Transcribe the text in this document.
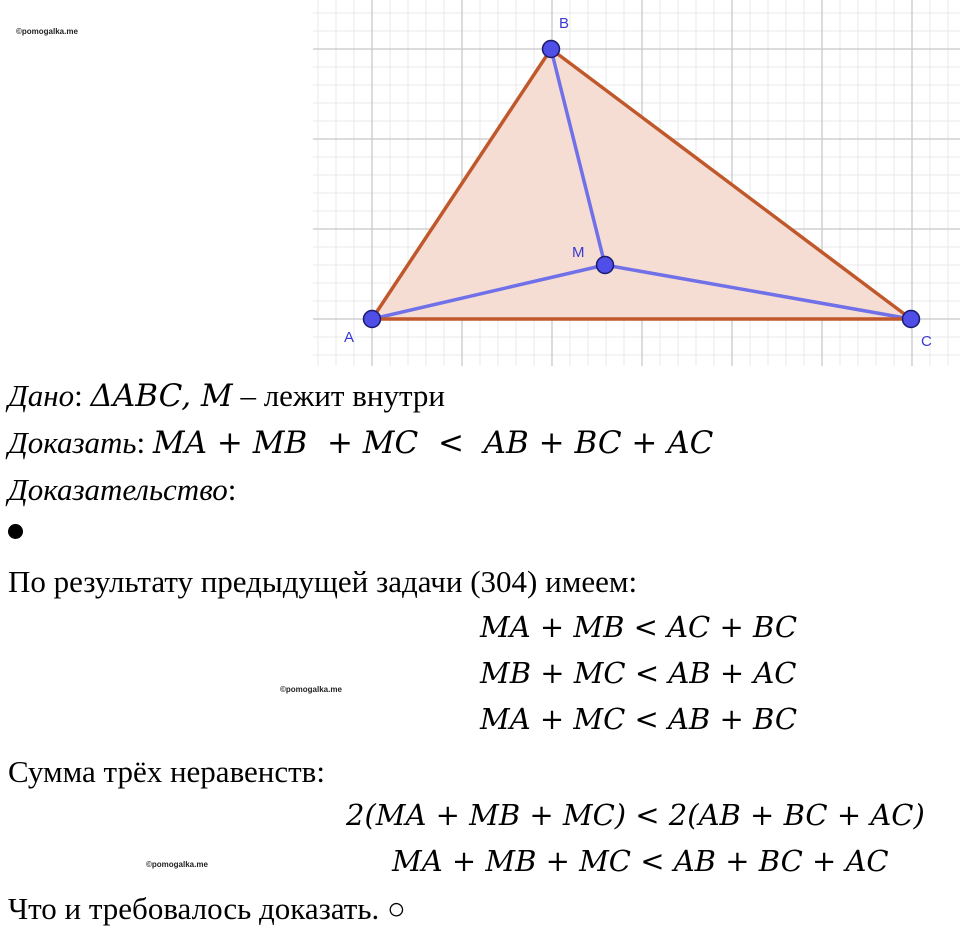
©pomogalka.me
©pomogalka.me
©pomogalka.me
A
B
C
M
Дано: ΔABC, M – лежит внутри
Доказать: MA + MB  + MC  <  AB + BC + AC
Доказательство:
По результату предыдущей задачи (304) имеем:
MA + MB < AC + BC
MB + MC < AB + AC
MA + MC < AB + BC
Сумма трёх неравенств:
2(MA + MB + MC) < 2(AB + BC + AC)
MA + MB + MC < AB + BC + AC
Что и требовалось доказать. ○
